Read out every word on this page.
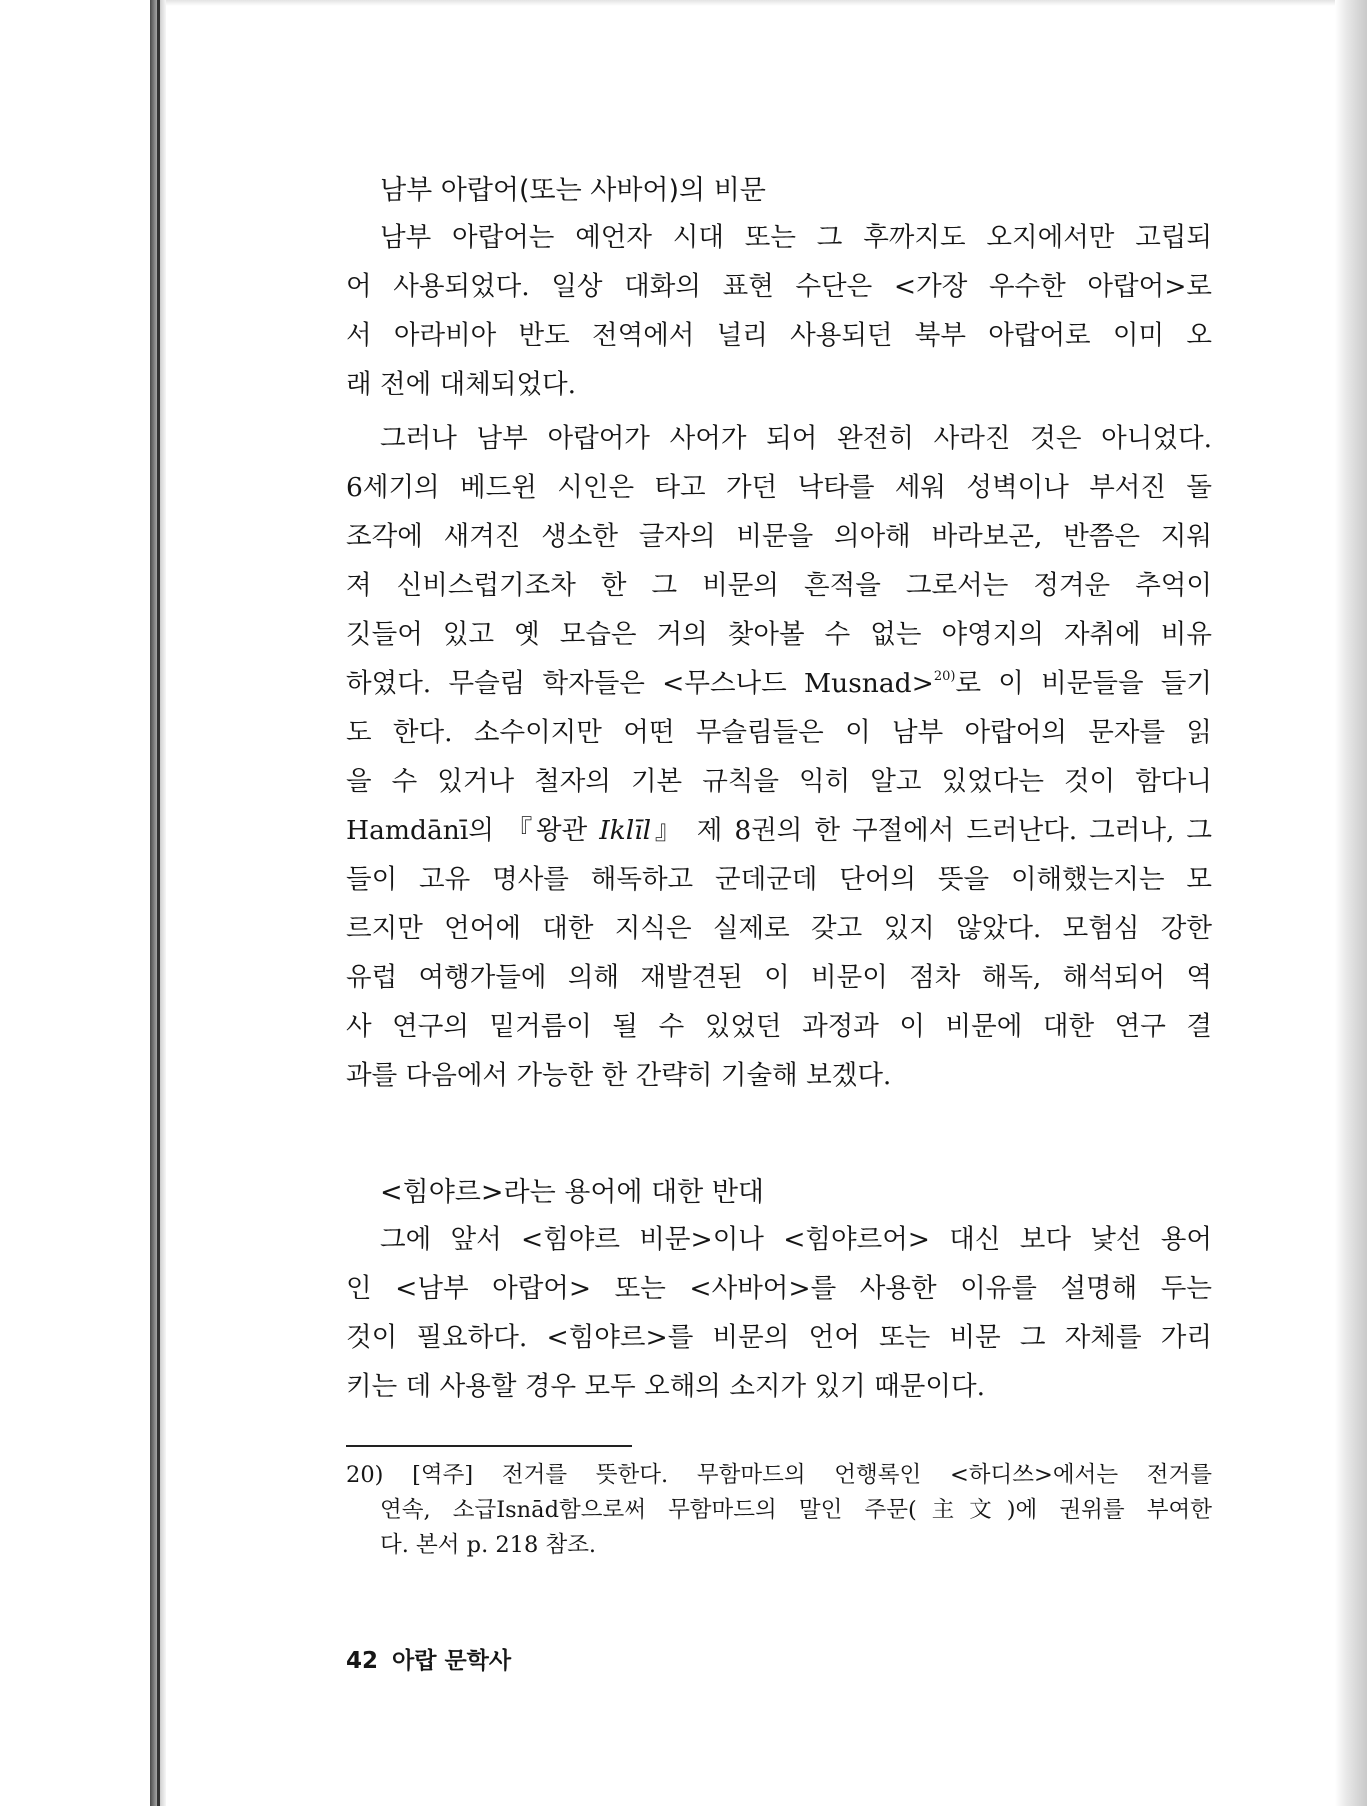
남부 아랍어(또는 사바어)의 비문
남부 아랍어는 예언자 시대 또는 그 후까지도 오지에서만 고립되
어 사용되었다. 일상 대화의 표현 수단은 <가장 우수한 아랍어>로
서 아라비아 반도 전역에서 널리 사용되던 북부 아랍어로 이미 오
래 전에 대체되었다.
그러나 남부 아랍어가 사어가 되어 완전히 사라진 것은 아니었다.
6세기의 베드윈 시인은 타고 가던 낙타를 세워 성벽이나 부서진 돌
조각에 새겨진 생소한 글자의 비문을 의아해 바라보곤, 반쯤은 지워
져 신비스럽기조차 한 그 비문의 흔적을 그로서는 정겨운 추억이
깃들어 있고 옛 모습은 거의 찾아볼 수 없는 야영지의 자취에 비유
하였다. 무슬림 학자들은 <무스나드 Musnad>$^{20)}$로 이 비문들을 들기
도 한다. 소수이지만 어떤 무슬림들은 이 남부 아랍어의 문자를 읽
을 수 있거나 철자의 기본 규칙을 익히 알고 있었다는 것이 함다니
Hamdānī의 『왕관 Iklīl』 제 8권의 한 구절에서 드러난다. 그러나, 그
들이 고유 명사를 해독하고 군데군데 단어의 뜻을 이해했는지는 모
르지만 언어에 대한 지식은 실제로 갖고 있지 않았다. 모험심 강한
유럽 여행가들에 의해 재발견된 이 비문이 점차 해독, 해석되어 역
사 연구의 밑거름이 될 수 있었던 과정과 이 비문에 대한 연구 결
과를 다음에서 가능한 한 간략히 기술해 보겠다.
<힘야르>라는 용어에 대한 반대
그에 앞서 <힘야르 비문>이나 <힘야르어> 대신 보다 낯선 용어
인 <남부 아랍어> 또는 <사바어>를 사용한 이유를 설명해 두는
것이 필요하다. <힘야르>를 비문의 언어 또는 비문 그 자체를 가리
키는 데 사용할 경우 모두 오해의 소지가 있기 때문이다.
20) [역주] 전거를 뜻한다. 무함마드의 언행록인 <하디쓰>에서는 전거를
연속, 소급Isnād함으로써 무함마드의 말인 주문(主文)에 권위를 부여한
다. 본서 p. 218 참조.
42 아랍 문학사
